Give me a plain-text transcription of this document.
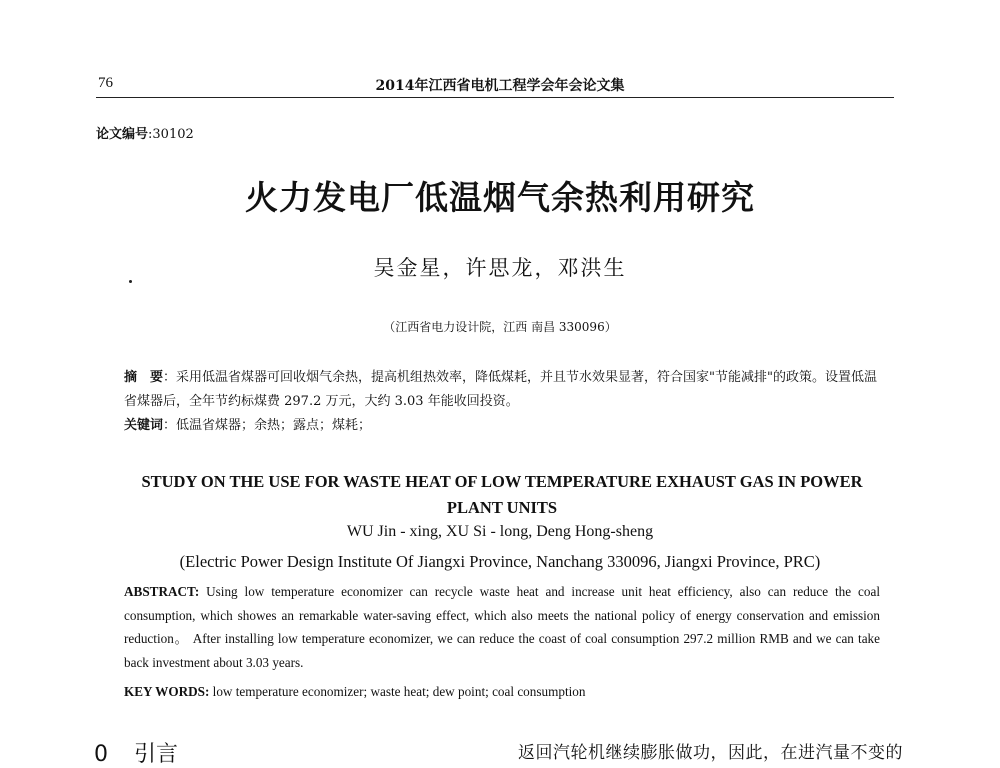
76	2014年江西省电机工程学会年会论文集
论文编号:30102
火力发电厂低温烟气余热利用研究
吴金星，许思龙，邓洪生
（江西省电力设计院，江西 南昌 330096）
摘　要：采用低温省煤器可回收烟气余热，提高机组热效率，降低煤耗，并且节水效果显著，符合国家"节能减排"的政策。设置低温省煤器后，全年节约标煤费 297.2 万元，大约 3.03 年能收回投资。
关键词：低温省煤器；余热；露点；煤耗；
STUDY ON THE USE FOR WASTE HEAT OF LOW TEMPERATURE EXHAUST GAS IN POWER PLANT UNITS
WU Jin - xing, XU Si - long, Deng Hong-sheng
(Electric Power Design Institute Of Jiangxi Province, Nanchang 330096, Jiangxi Province, PRC)
ABSTRACT: Using low temperature economizer can recycle waste heat and increase unit heat efficiency, also can reduce the coal consumption, which showes an remarkable water-saving effect, which also meets the national policy of energy conservation and emission reduction。 After installing low temperature economizer, we can reduce the coast of coal consumption 297.2 million RMB and we can take back investment about 3.03 years.
KEY WORDS: low temperature economizer; waste heat; dew point; coal consumption
0 引言	返回汽轮机继续膨胀做功，因此，在进汽量不变的
